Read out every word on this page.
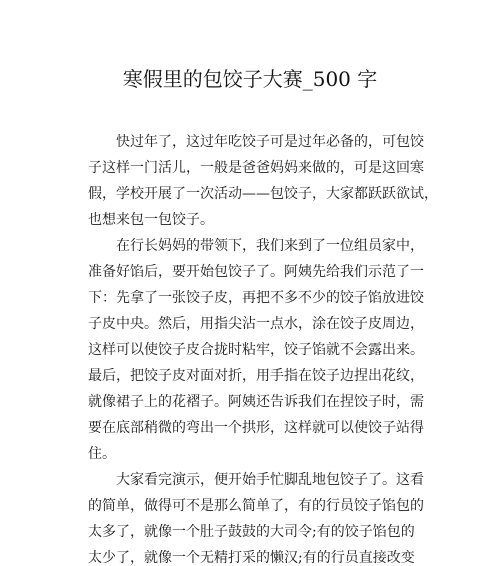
寒假里的包饺子大赛_500 字
快过年了，这过年吃饺子可是过年必备的，可包饺
子这样一门活儿，一般是爸爸妈妈来做的，可是这回寒
假，学校开展了一次活动——包饺子，大家都跃跃欲试，
也想来包一包饺子。
在行长妈妈的带领下，我们来到了一位组员家中，
准备好馅后，要开始包饺子了。阿姨先给我们示范了一
下：先拿了一张饺子皮，再把不多不少的饺子馅放进饺
子皮中央。然后，用指尖沾一点水，涂在饺子皮周边，
这样可以使饺子皮合拢时粘牢，饺子馅就不会露出来。
最后，把饺子皮对面对折，用手指在饺子边捏出花纹，
就像裙子上的花褶子。阿姨还告诉我们在捏饺子时，需
要在底部稍微的弯出一个拱形，这样就可以使饺子站得
住。
大家看完演示，便开始手忙脚乱地包饺子了。这看
的简单，做得可不是那么简单了，有的行员饺子馅包的
太多了，就像一个肚子鼓鼓的大司令;有的饺子馅包的
太少了，就像一个无精打采的懒汉;有的行员直接改变
